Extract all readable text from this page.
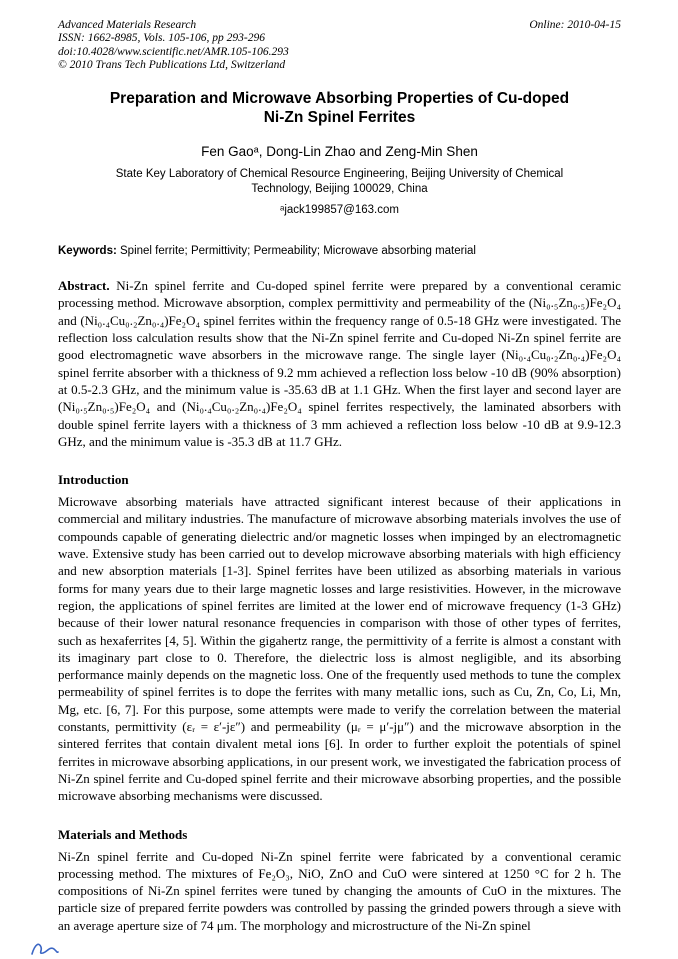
Advanced Materials Research
ISSN: 1662-8985, Vols. 105-106, pp 293-296
doi:10.4028/www.scientific.net/AMR.105-106.293
© 2010 Trans Tech Publications Ltd, Switzerland
Online: 2010-04-15
Preparation and Microwave Absorbing Properties of Cu-doped
Ni-Zn Spinel Ferrites
Fen Gaoᵃ, Dong-Lin Zhao and Zeng-Min Shen
State Key Laboratory of Chemical Resource Engineering, Beijing University of Chemical
Technology, Beijing 100029, China
ᵃjack199857@163.com
Keywords: Spinel ferrite; Permittivity; Permeability; Microwave absorbing material

Abstract. Ni-Zn spinel ferrite and Cu-doped spinel ferrite were prepared by a conventional ceramic processing method. Microwave absorption, complex permittivity and permeability of the (Ni₀.₅Zn₀.₅)Fe₂O₄ and (Ni₀.₄Cu₀.₂Zn₀.₄)Fe₂O₄ spinel ferrites within the frequency range of 0.5-18 GHz were investigated. The reflection loss calculation results show that the Ni-Zn spinel ferrite and Cu-doped Ni-Zn spinel ferrite are good electromagnetic wave absorbers in the microwave range. The single layer (Ni₀.₄Cu₀.₂Zn₀.₄)Fe₂O₄ spinel ferrite absorber with a thickness of 9.2 mm achieved a reflection loss below -10 dB (90% absorption) at 0.5-2.3 GHz, and the minimum value is -35.63 dB at 1.1 GHz. When the first layer and second layer are (Ni₀.₅Zn₀.₅)Fe₂O₄ and (Ni₀.₄Cu₀.₂Zn₀.₄)Fe₂O₄ spinel ferrites respectively, the laminated absorbers with double spinel ferrite layers with a thickness of 3 mm achieved a reflection loss below -10 dB at 9.9-12.3 GHz, and the minimum value is -35.3 dB at 11.7 GHz.

Introduction

Microwave absorbing materials have attracted significant interest because of their applications in commercial and military industries. The manufacture of microwave absorbing materials involves the use of compounds capable of generating dielectric and/or magnetic losses when impinged by an electromagnetic wave. Extensive study has been carried out to develop microwave absorbing materials with high efficiency and new absorption materials [1-3]. Spinel ferrites have been utilized as absorbing materials in various forms for many years due to their large magnetic losses and large resistivities. However, in the microwave region, the applications of spinel ferrites are limited at the lower end of microwave frequency (1-3 GHz) because of their lower natural resonance frequencies in comparison with those of other types of ferrites, such as hexaferrites [4, 5]. Within the gigahertz range, the permittivity of a ferrite is almost a constant with its imaginary part close to 0. Therefore, the dielectric loss is almost negligible, and its absorbing performance mainly depends on the magnetic loss. One of the frequently used methods to tune the complex permeability of spinel ferrites is to dope the ferrites with many metallic ions, such as Cu, Zn, Co, Li, Mn, Mg, etc. [6, 7]. For this purpose, some attempts were made to verify the correlation between the material constants, permittivity (εᵣ = ε′-jε″) and permeability (μᵣ = μ′-jμ″) and the microwave absorption in the sintered ferrites that contain divalent metal ions [6]. In order to further exploit the potentials of spinel ferrites in microwave absorbing applications, in our present work, we investigated the fabrication process of Ni-Zn spinel ferrite and Cu-doped spinel ferrite and their microwave absorbing properties, and the possible microwave absorbing mechanisms were discussed.

Materials and Methods

Ni-Zn spinel ferrite and Cu-doped Ni-Zn spinel ferrite were fabricated by a conventional ceramic processing method. The mixtures of Fe₂O₃, NiO, ZnO and CuO were sintered at 1250 °C for 2 h. The compositions of Ni-Zn spinel ferrites were tuned by changing the amounts of CuO in the mixtures. The particle size of prepared ferrite powders was controlled by passing the grinded powers through a sieve with an average aperture size of 74 μm. The morphology and microstructure of the Ni-Zn spinel
